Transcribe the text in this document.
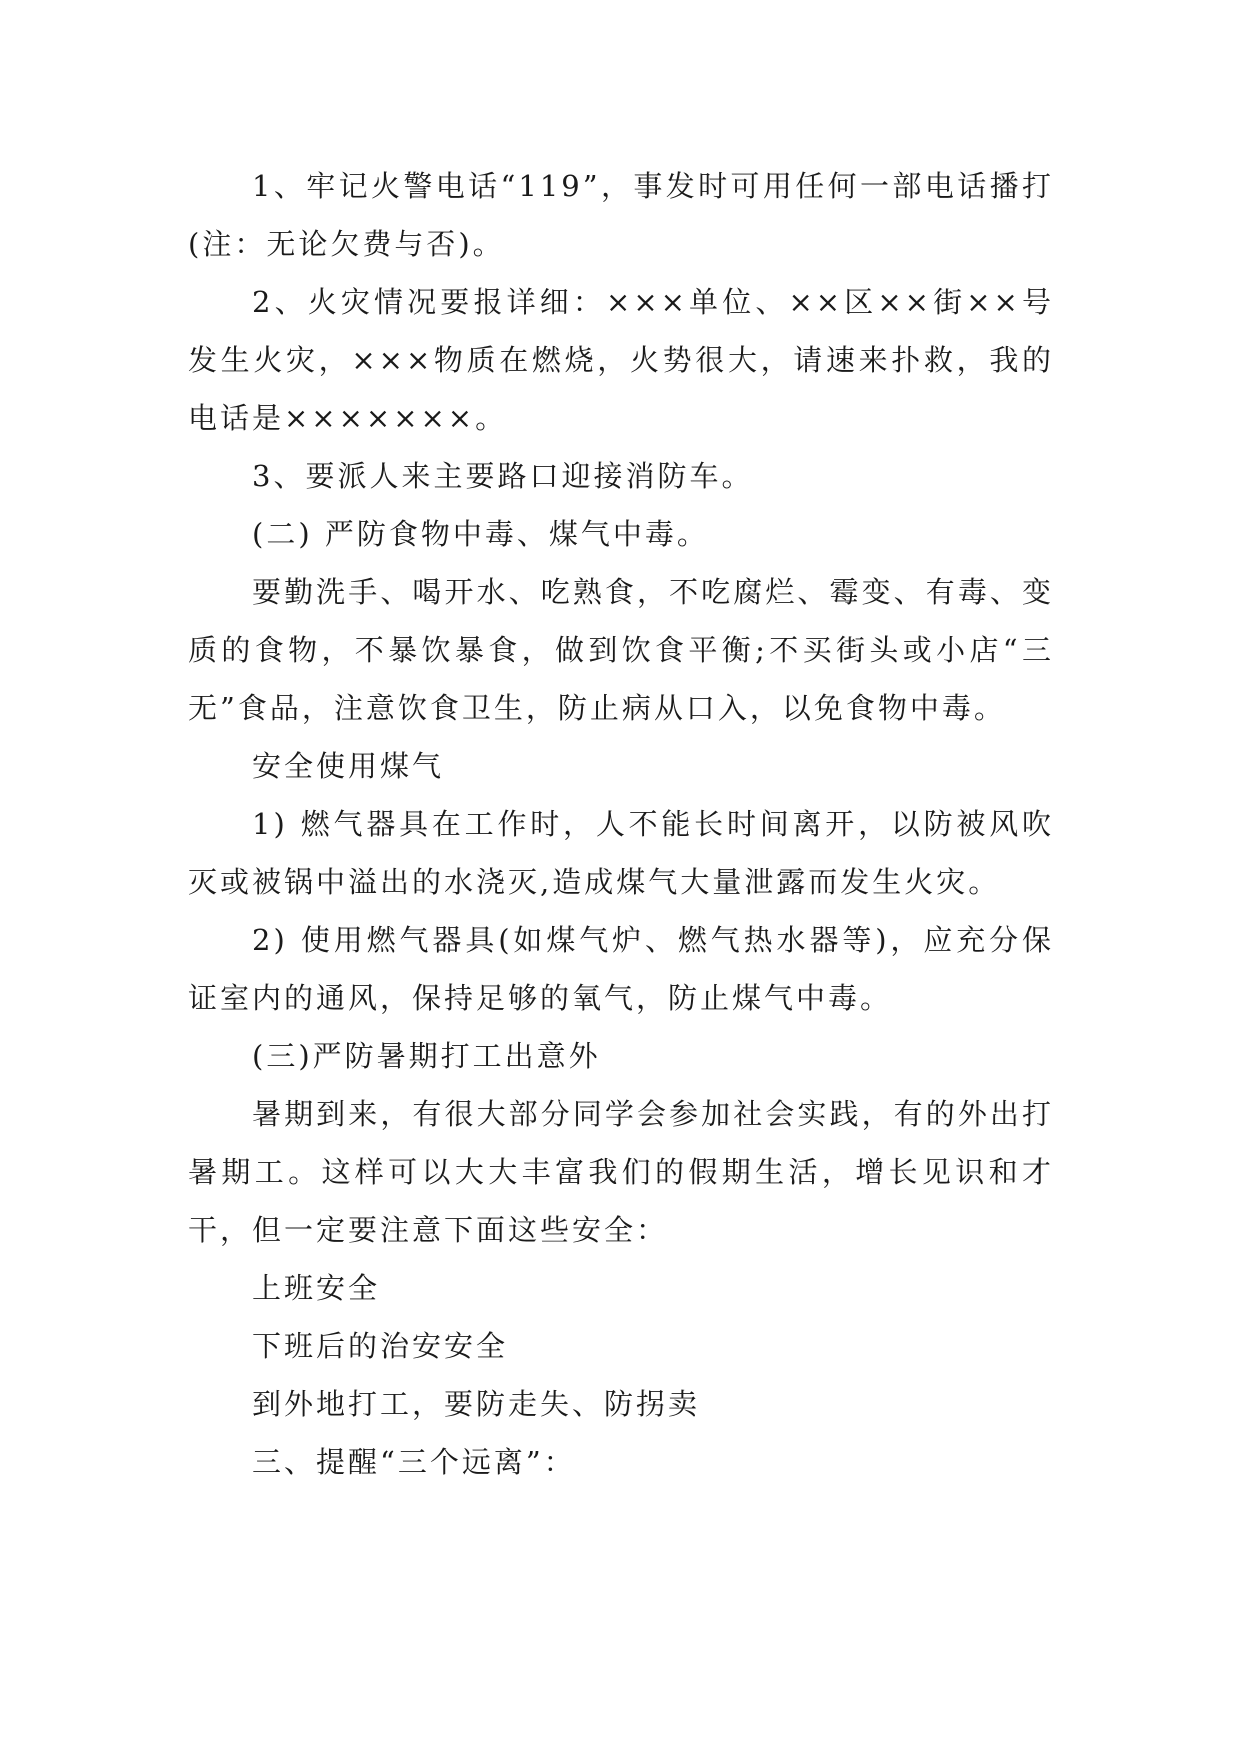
1、牢记火警电话“119”，事发时可用任何一部电话播打(注：无论欠费与否)。

2、火灾情况要报详细：×××单位、××区××街××号发生火灾，×××物质在燃烧，火势很大，请速来扑救，我的电话是×××××××。

3、要派人来主要路口迎接消防车。

(二) 严防食物中毒、煤气中毒。

要勤洗手、喝开水、吃熟食，不吃腐烂、霉变、有毒、变质的食物，不暴饮暴食，做到饮食平衡;不买街头或小店“三无”食品，注意饮食卫生，防止病从口入，以免食物中毒。

安全使用煤气

1) 燃气器具在工作时，人不能长时间离开，以防被风吹灭或被锅中溢出的水浇灭,造成煤气大量泄露而发生火灾。

2) 使用燃气器具(如煤气炉、燃气热水器等)，应充分保证室内的通风，保持足够的氧气，防止煤气中毒。

(三)严防暑期打工出意外

暑期到来，有很大部分同学会参加社会实践，有的外出打暑期工。这样可以大大丰富我们的假期生活，增长见识和才干，但一定要注意下面这些安全：

上班安全

下班后的治安安全

到外地打工，要防走失、防拐卖

三、提醒“三个远离”：
